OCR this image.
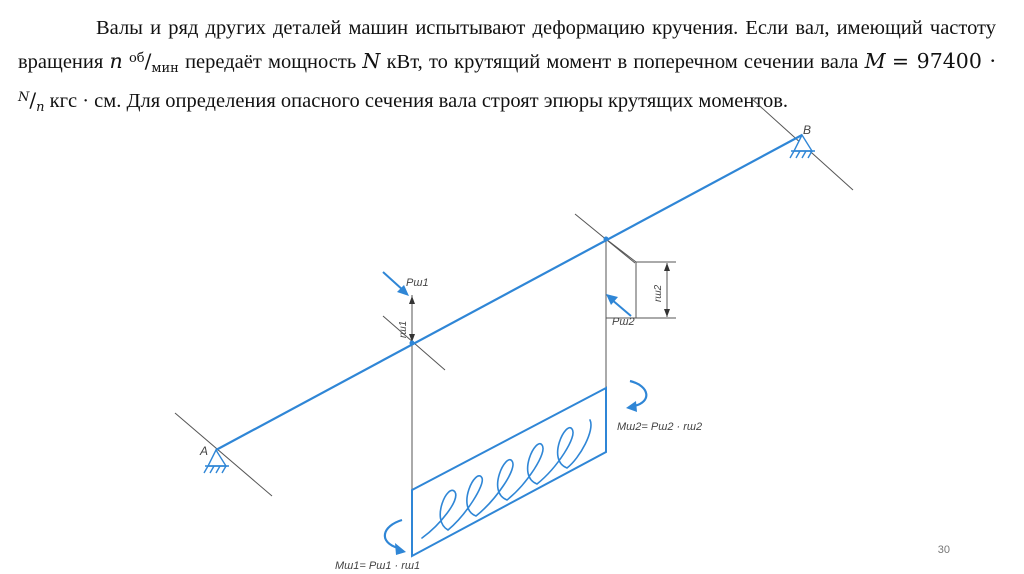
Валы и ряд других деталей машин испытывают деформацию кручения. Если вал, имеющий частоту вращения n $^{об}/_{мин}$ передаёт мощность N кВт, то крутящий момент в поперечном сечении вала $M = 97400 \cdot ^N/_n$ кгс · см. Для определения опасного сечения вала строят эпюры крутящих моментов.

A
B
Pш1
Pш2
rш1
rш2
Mш2= Pш2 · rш2
Mш1= Pш1 · rш1
30
